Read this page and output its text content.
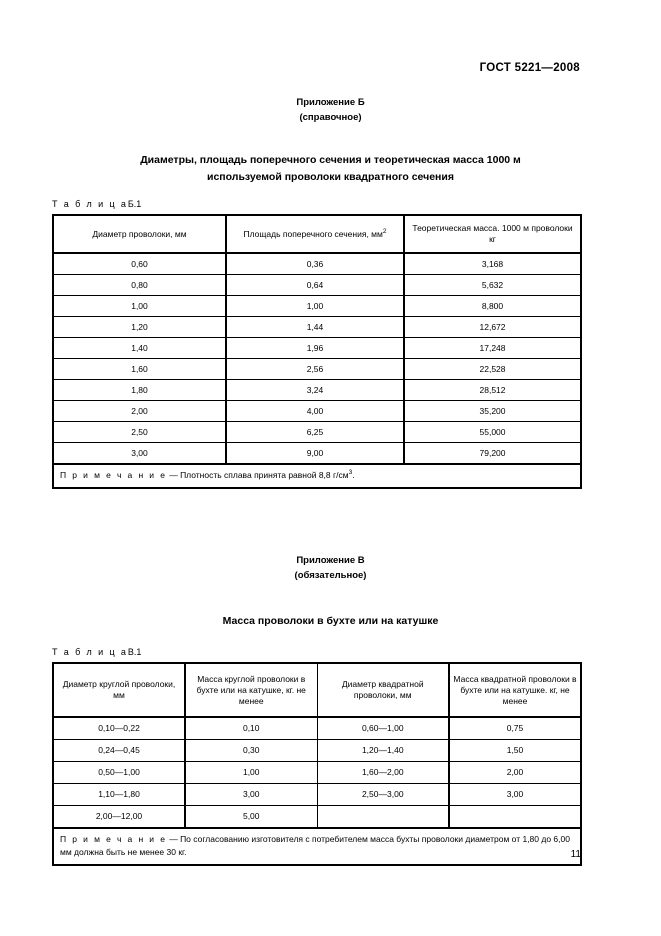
ГОСТ 5221—2008
Приложение Б
(справочное)
Диаметры, площадь поперечного сечения и теоретическая масса 1000 м
используемой проволоки квадратного сечения
Т а б л и ц аБ.1
Диаметр проволоки, мм	Площадь поперечного сечения, $мм^2$	Теоретическая масса. 1000 м проволоки
кг
0,60	0,36	3,168
0,80	0,64	5,632
1,00	1,00	8,800
1,20	1,44	12,672
1,40	1,96	17,248
1,60	2,56	22,528
1,80	3,24	28,512
2,00	4,00	35,200
2,50	6,25	55,000
3,00	9,00	79,200
П р и м е ч а н и е — Плотность сплава принята равной 8,8 $г/см^3$.		
Приложение В
(обязательное)
Масса проволоки в бухте или на катушке
Т а б л и ц аВ.1
Диаметр круглой проволоки, мм	Масса круглой проволоки в бухте или на катушке, кг. не менее	Диаметр квадратной проволоки, мм	Масса квадратной проволоки в бухте или на катушке. кг, не менее
0,10—0,22	0,10	0,60—1,00	0,75
0,24—0,45	0,30	1,20—1,40	1,50
0,50—1,00	1,00	1,60—2,00	2,00
1,10—1,80	3,00	2,50—3,00	3,00
2,00—12,00	5,00		
П р и м е ч а н и е — По согласованию изготовителя с потребителем масса бухты проволоки диаметром от 1,80 до 6,00 мм должна быть не менее 30 кг.				11
